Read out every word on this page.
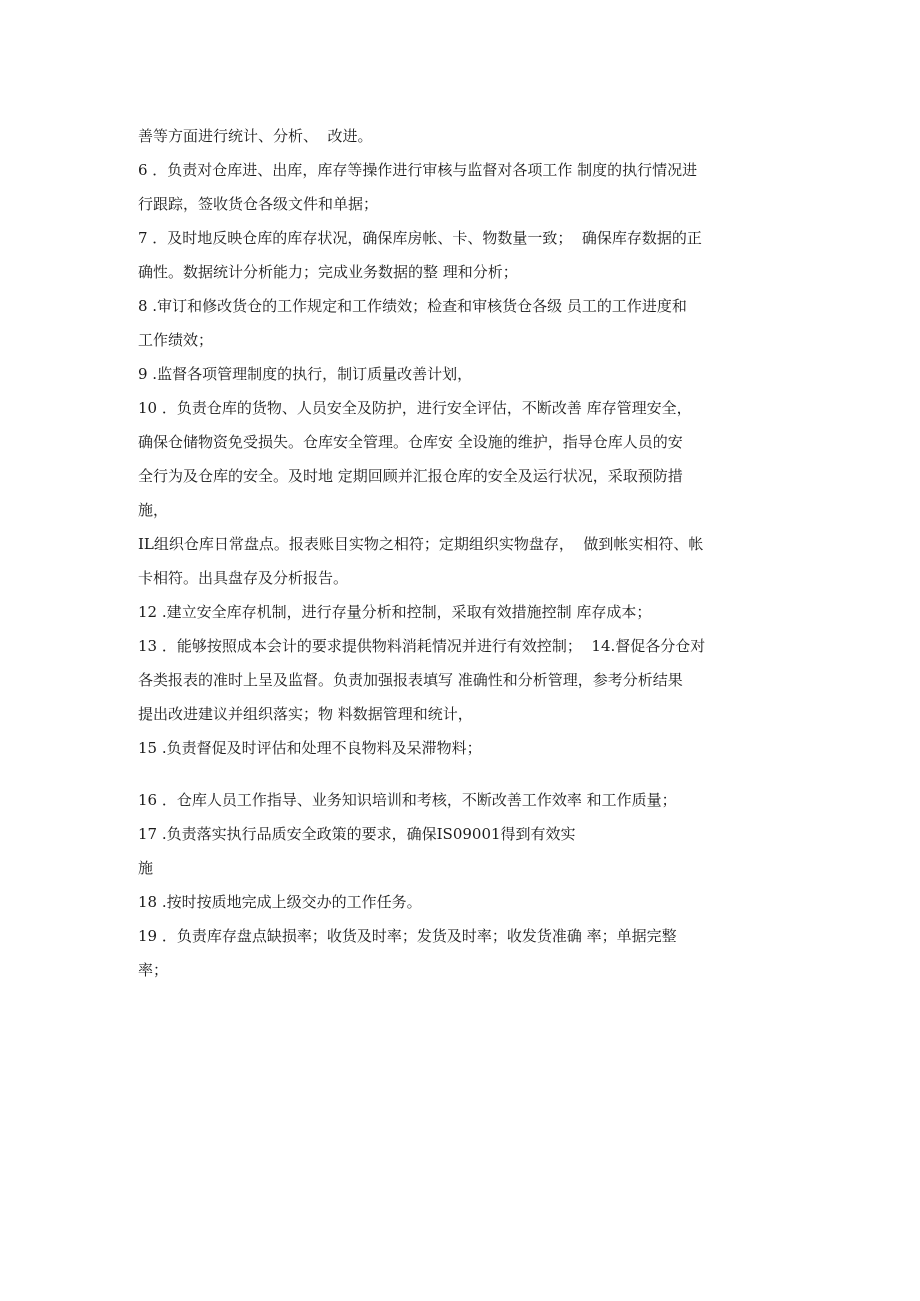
善等方面进行统计、分析、  改进。
6 ．负责对仓库进、出库，库存等操作进行审核与监督对各项工作 制度的执行情况进
行跟踪，签收货仓各级文件和单据；
7 ．及时地反映仓库的库存状况，确保库房帐、卡、物数量一致；  确保库存数据的正
确性。数据统计分析能力；完成业务数据的整 理和分析；
8 .审订和修改货仓的工作规定和工作绩效；检查和审核货仓各级 员工的工作进度和
工作绩效；
9 .监督各项管理制度的执行，制订质量改善计划，
10 ．负责仓库的货物、人员安全及防护，进行安全评估，不断改善 库存管理安全，
确保仓储物资免受损失。仓库安全管理。仓库安 全设施的维护，指导仓库人员的安
全行为及仓库的安全。及时地 定期回顾并汇报仓库的安全及运行状况，采取预防措
施，
IL组织仓库日常盘点。报表账目实物之相符；定期组织实物盘存，  做到帐实相符、帐
卡相符。出具盘存及分析报告。
12 .建立安全库存机制，进行存量分析和控制，采取有效措施控制 库存成本；
13 ．能够按照成本会计的要求提供物料消耗情况并进行有效控制；  14.督促各分仓对
各类报表的准时上呈及监督。负责加强报表填写 准确性和分析管理，参考分析结果
提出改进建议并组织落实；物 料数据管理和统计，
15 .负责督促及时评估和处理不良物料及呆滞物料；
16 ．仓库人员工作指导、业务知识培训和考核，不断改善工作效率 和工作质量；
17 .负责落实执行品质安全政策的要求，确保IS09001得到有效实
施
18 .按时按质地完成上级交办的工作任务。
19 ．负责库存盘点缺损率；收货及时率；发货及时率；收发货准确 率；单据完整
率；
